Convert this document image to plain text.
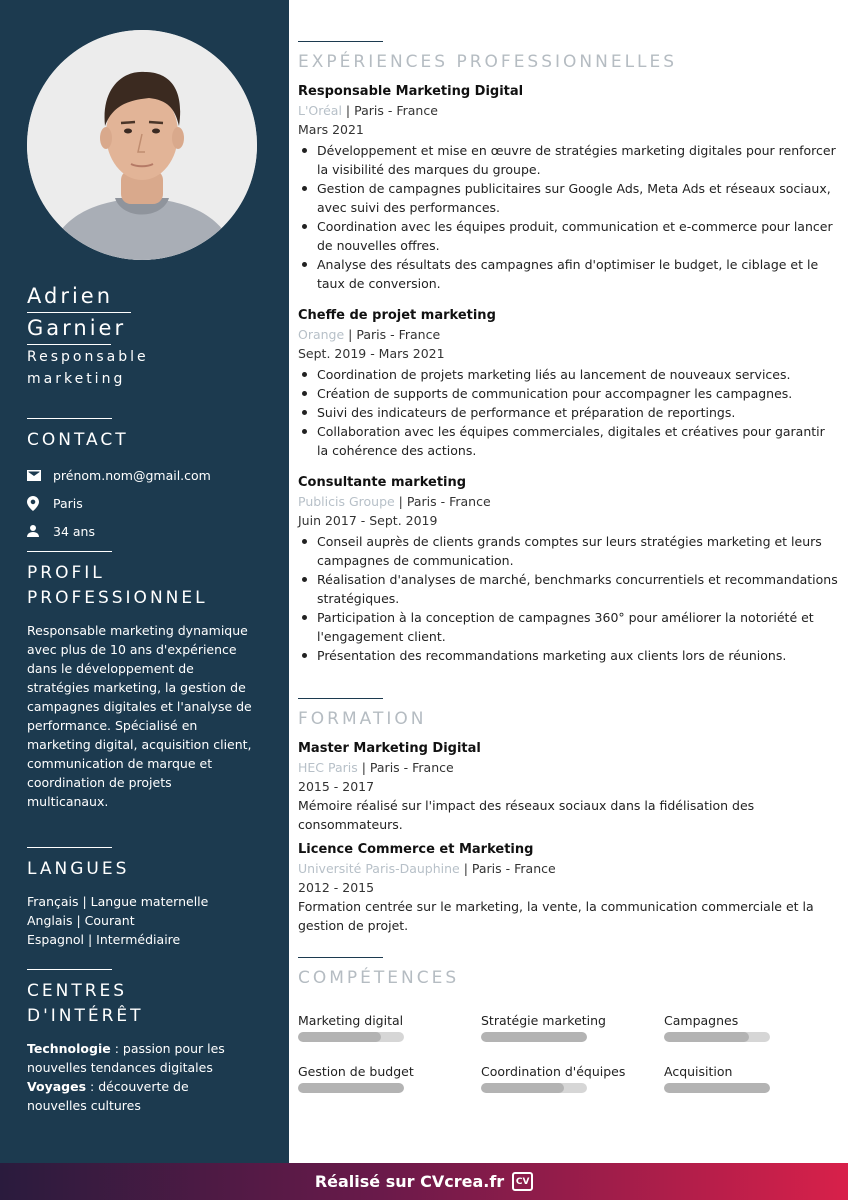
Adrien
Garnier
Responsable marketing
CONTACT
prénom.nom@gmail.com
Paris
34 ans
PROFIL PROFESSIONNEL
Responsable marketing dynamique avec plus de 10 ans d'expérience dans le développement de stratégies marketing, la gestion de campagnes digitales et l'analyse de performance. Spécialisé en marketing digital, acquisition client, communication de marque et coordination de projets multicanaux.
LANGUES
Français | Langue maternelle
Anglais | Courant
Espagnol | Intermédiaire
CENTRES D'INTÉRÊT
Technologie : passion pour les nouvelles tendances digitales
Voyages : découverte de nouvelles cultures
EXPÉRIENCES PROFESSIONNELLES
Responsable Marketing Digital
L'Oréal | Paris - France
Mars 2021
Développement et mise en œuvre de stratégies marketing digitales pour renforcer la visibilité des marques du groupe.
Gestion de campagnes publicitaires sur Google Ads, Meta Ads et réseaux sociaux, avec suivi des performances.
Coordination avec les équipes produit, communication et e-commerce pour lancer de nouvelles offres.
Analyse des résultats des campagnes afin d'optimiser le budget, le ciblage et le taux de conversion.
Cheffe de projet marketing
Orange | Paris - France
Sept. 2019 - Mars 2021
Coordination de projets marketing liés au lancement de nouveaux services.
Création de supports de communication pour accompagner les campagnes.
Suivi des indicateurs de performance et préparation de reportings.
Collaboration avec les équipes commerciales, digitales et créatives pour garantir la cohérence des actions.
Consultante marketing
Publicis Groupe | Paris - France
Juin 2017 - Sept. 2019
Conseil auprès de clients grands comptes sur leurs stratégies marketing et leurs campagnes de communication.
Réalisation d'analyses de marché, benchmarks concurrentiels et recommandations stratégiques.
Participation à la conception de campagnes 360° pour améliorer la notoriété et l'engagement client.
Présentation des recommandations marketing aux clients lors de réunions.
FORMATION
Master Marketing Digital
HEC Paris | Paris - France
2015 - 2017
Mémoire réalisé sur l'impact des réseaux sociaux dans la fidélisation des consommateurs.
Licence Commerce et Marketing
Université Paris-Dauphine | Paris - France
2012 - 2015
Formation centrée sur le marketing, la vente, la communication commerciale et la gestion de projet.
COMPÉTENCES
Marketing digital	Stratégie marketing	Campagnes
Gestion de budget	Coordination d'équipes	Acquisition
Réalisé sur CVcrea.fr	CV
